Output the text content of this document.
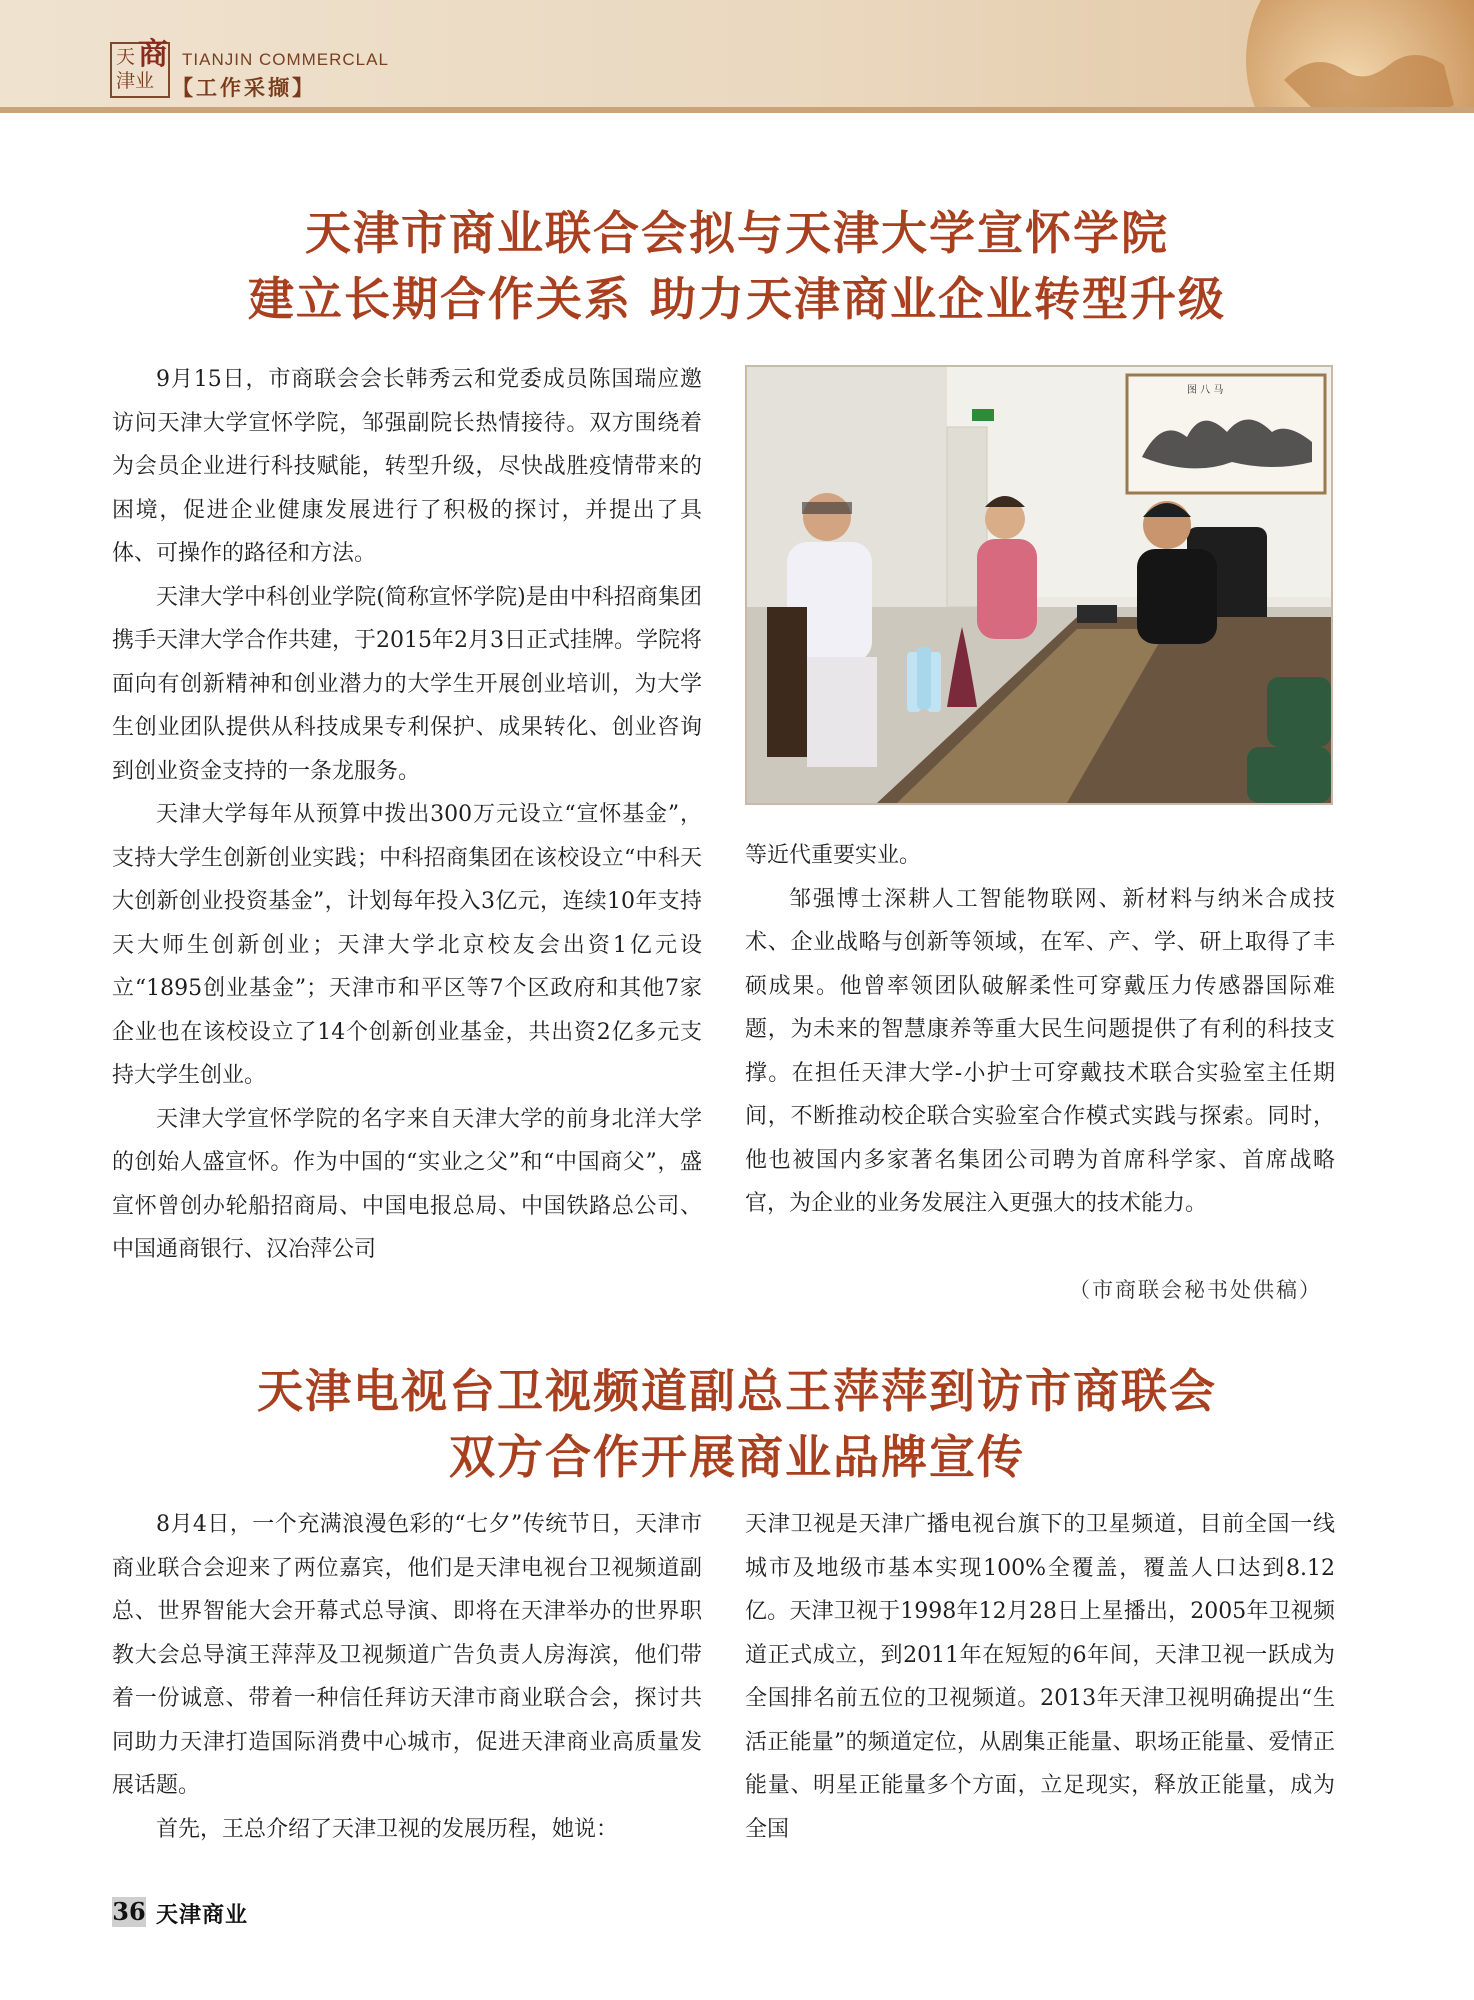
天 商
津业
TIANJIN COMMERCLAL
【工作采撷】
天津市商业联合会拟与天津大学宣怀学院
建立长期合作关系 助力天津商业企业转型升级

9月15日，市商联会会长韩秀云和党委成员陈国瑞应邀访问天津大学宣怀学院，邹强副院长热情接待。双方围绕着为会员企业进行科技赋能，转型升级，尽快战胜疫情带来的困境，促进企业健康发展进行了积极的探讨，并提出了具体、可操作的路径和方法。

天津大学中科创业学院(简称宣怀学院)是由中科招商集团携手天津大学合作共建，于2015年2月3日正式挂牌。学院将面向有创新精神和创业潜力的大学生开展创业培训，为大学生创业团队提供从科技成果专利保护、成果转化、创业咨询到创业资金支持的一条龙服务。

天津大学每年从预算中拨出300万元设立“宣怀基金”，支持大学生创新创业实践；中科招商集团在该校设立“中科天大创新创业投资基金”，计划每年投入3亿元，连续10年支持天大师生创新创业；天津大学北京校友会出资1亿元设立“1895创业基金”；天津市和平区等7个区政府和其他7家企业也在该校设立了14个创新创业基金，共出资2亿多元支持大学生创业。

天津大学宣怀学院的名字来自天津大学的前身北洋大学的创始人盛宣怀。作为中国的“实业之父”和“中国商父”，盛宣怀曾创办轮船招商局、中国电报总局、中国铁路总公司、中国通商银行、汉冶萍公司

图 八 马

等近代重要实业。

邹强博士深耕人工智能物联网、新材料与纳米合成技术、企业战略与创新等领域，在军、产、学、研上取得了丰硕成果。他曾率领团队破解柔性可穿戴压力传感器国际难题，为未来的智慧康养等重大民生问题提供了有利的科技支撑。在担任天津大学-小护士可穿戴技术联合实验室主任期间，不断推动校企联合实验室合作模式实践与探索。同时，他也被国内多家著名集团公司聘为首席科学家、首席战略官，为企业的业务发展注入更强大的技术能力。

（市商联会秘书处供稿）
天津电视台卫视频道副总王萍萍到访市商联会
双方合作开展商业品牌宣传

8月4日，一个充满浪漫色彩的“七夕”传统节日，天津市商业联合会迎来了两位嘉宾，他们是天津电视台卫视频道副总、世界智能大会开幕式总导演、即将在天津举办的世界职教大会总导演王萍萍及卫视频道广告负责人房海滨，他们带着一份诚意、带着一种信任拜访天津市商业联合会，探讨共同助力天津打造国际消费中心城市，促进天津商业高质量发展话题。

首先，王总介绍了天津卫视的发展历程，她说：

天津卫视是天津广播电视台旗下的卫星频道，目前全国一线城市及地级市基本实现100%全覆盖，覆盖人口达到8.12亿。天津卫视于1998年12月28日上星播出，2005年卫视频道正式成立，到2011年在短短的6年间，天津卫视一跃成为全国排名前五位的卫视频道。2013年天津卫视明确提出“生活正能量”的频道定位，从剧集正能量、职场正能量、爱情正能量、明星正能量多个方面，立足现实，释放正能量，成为全国

36 天津商业
